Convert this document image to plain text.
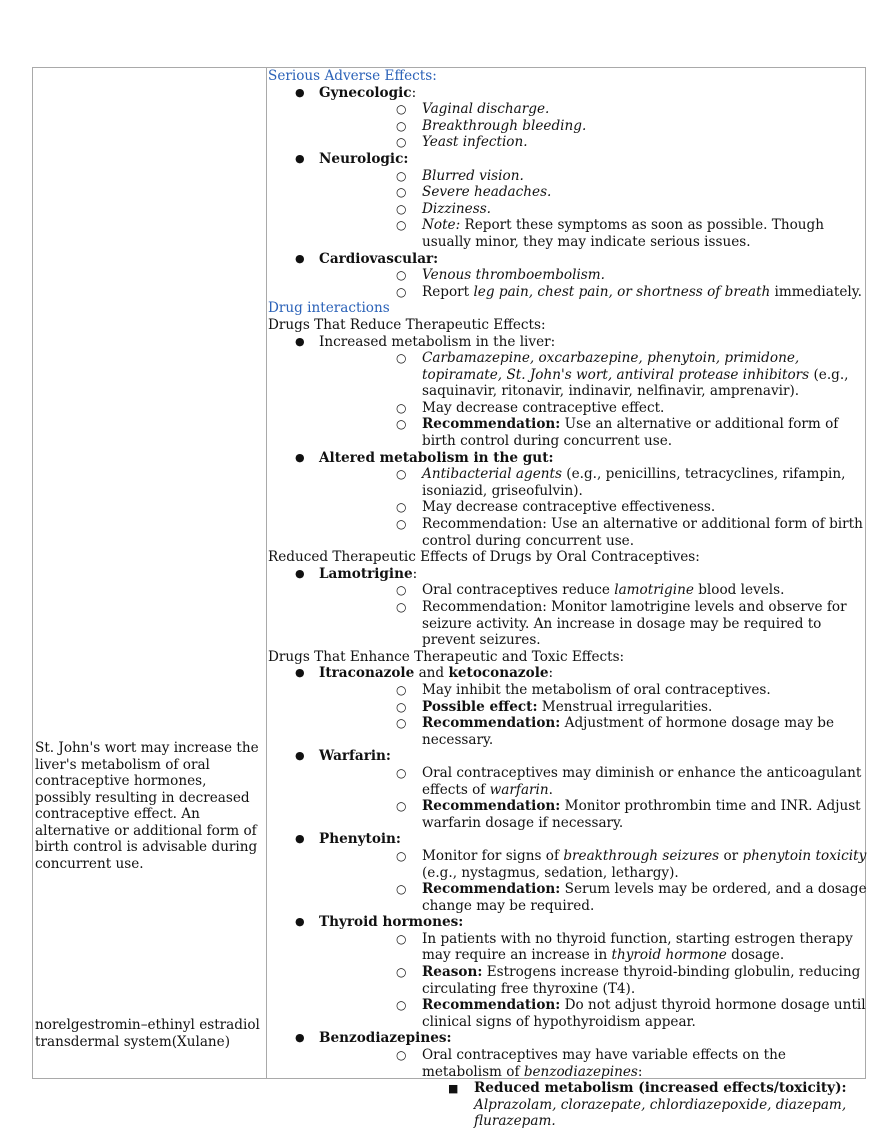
St. John's wort may increase the liver's metabolism of oral contraceptive hormones, possibly resulting in decreased contraceptive effect. An alternative or additional form of birth control is advisable during concurrent use.
norelgestromin–ethinyl estradiol transdermal system(Xulane)
Serious Adverse Effects:
● Gynecologic:
○ Vaginal discharge.
○ Breakthrough bleeding.
○ Yeast infection.
● Neurologic:
○ Blurred vision.
○ Severe headaches.
○ Dizziness.
○ Note: Report these symptoms as soon as possible. Though usually minor, they may indicate serious issues.
● Cardiovascular:
○ Venous thromboembolism.
○ Report leg pain, chest pain, or shortness of breath immediately.
Drug interactions
Drugs That Reduce Therapeutic Effects:
● Increased metabolism in the liver:
○ Carbamazepine, oxcarbazepine, phenytoin, primidone, topiramate, St. John's wort, antiviral protease inhibitors (e.g., saquinavir, ritonavir, indinavir, nelfinavir, amprenavir).
○ May decrease contraceptive effect.
○ Recommendation: Use an alternative or additional form of birth control during concurrent use.
● Altered metabolism in the gut:
○ Antibacterial agents (e.g., penicillins, tetracyclines, rifampin, isoniazid, griseofulvin).
○ May decrease contraceptive effectiveness.
○ Recommendation: Use an alternative or additional form of birth control during concurrent use.
Reduced Therapeutic Effects of Drugs by Oral Contraceptives:
● Lamotrigine:
○ Oral contraceptives reduce lamotrigine blood levels.
○ Recommendation: Monitor lamotrigine levels and observe for seizure activity. An increase in dosage may be required to prevent seizures.
Drugs That Enhance Therapeutic and Toxic Effects:
● Itraconazole and ketoconazole:
○ May inhibit the metabolism of oral contraceptives.
○ Possible effect: Menstrual irregularities.
○ Recommendation: Adjustment of hormone dosage may be necessary.
● Warfarin:
○ Oral contraceptives may diminish or enhance the anticoagulant effects of warfarin.
○ Recommendation: Monitor prothrombin time and INR. Adjust warfarin dosage if necessary.
● Phenytoin:
○ Monitor for signs of breakthrough seizures or phenytoin toxicity (e.g., nystagmus, sedation, lethargy).
○ Recommendation: Serum levels may be ordered, and a dosage change may be required.
● Thyroid hormones:
○ In patients with no thyroid function, starting estrogen therapy may require an increase in thyroid hormone dosage.
○ Reason: Estrogens increase thyroid-binding globulin, reducing circulating free thyroxine (T4).
○ Recommendation: Do not adjust thyroid hormone dosage until clinical signs of hypothyroidism appear.
● Benzodiazepines:
○ Oral contraceptives may have variable effects on the metabolism of benzodiazepines:
■ Reduced metabolism (increased effects/toxicity):
Alprazolam, clorazepate, chlordiazepoxide, diazepam, flurazepam.
